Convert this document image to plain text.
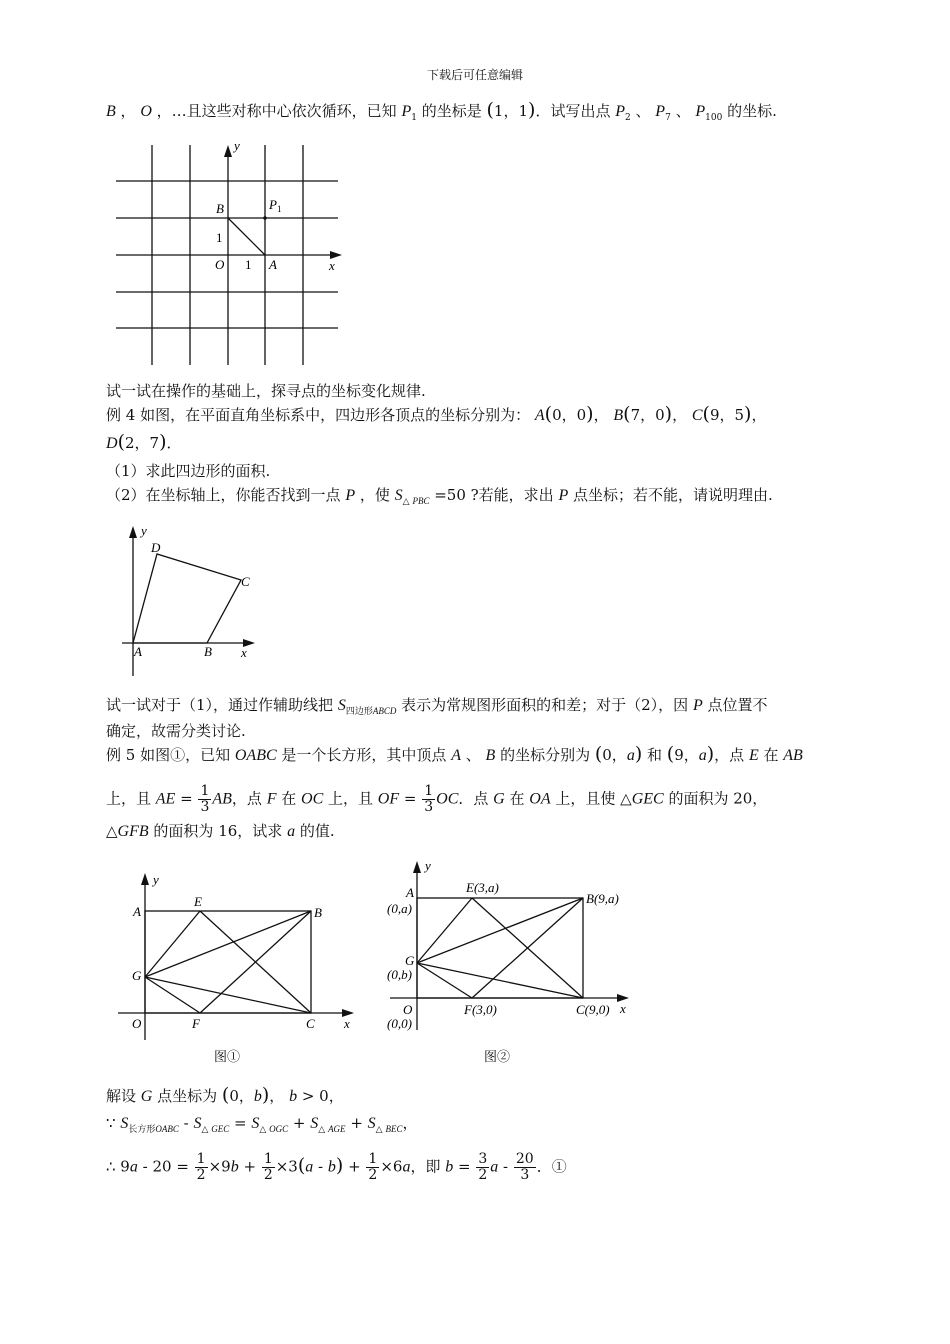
下载后可任意编辑
B ， O ，…且这些对称中心依次循环，已知 $P_1$ 的坐标是 (1，1)．试写出点 $P_2$ 、 $P_7$ 、 $P_{100}$ 的坐标.
y
x
B	$P_1$
1
O 1 A
试一试在操作的基础上，探寻点的坐标变化规律.
例 4 如图，在平面直角坐标系中，四边形各顶点的坐标分别为： A(0，0)， B(7，0)， C(9，5)，
D(2，7)．
（1）求此四边形的面积.
（2）在坐标轴上，你能否找到一点 P ，使 $S_{\triangle PBC} =50$ ?若能，求出 P 点坐标；若不能，请说明理由.
y
x
D
C
A	B
试一试对于（1），通过作辅助线把 $S_{四边形ABCD}$ 表示为常规图形面积的和差；对于（2），因 P 点位置不
确定，故需分类讨论.
例 5 如图①，已知 OABC 是一个长方形，其中顶点 A 、 B 的坐标分别为 (0，a) 和 (9，a)，点 E 在 AB
上，且 AE = $\frac{1}{3}$ AB，点 F 在 OC 上，且 OF = $\frac{1}{3}$ OC．点 G 在 OA 上，且使 △GEC 的面积为 20，
△GFB 的面积为 16，试求 a 的值.
y
x
A
E
B
G
O	F	C
图①
y
x
A
(0,a)
E(3,a)
B(9,a)
G
(0,b)
O
(0,0)
F(3,0)	C(9,0)
图②
解设 G 点坐标为 (0，b)， b > 0，
∵ $S_{长方形OABC} - S_{\triangle GEC} = S_{\triangle OGC} + S_{\triangle AGE} + S_{\triangle BEC}$，
∴ $9a - 20 = \frac{1}{2} \times 9b + \frac{1}{2} \times 3(a - b) + \frac{1}{2} \times 6a$，即 $b = \frac{3}{2}$ a - $\frac{20}{3}$ ．①
